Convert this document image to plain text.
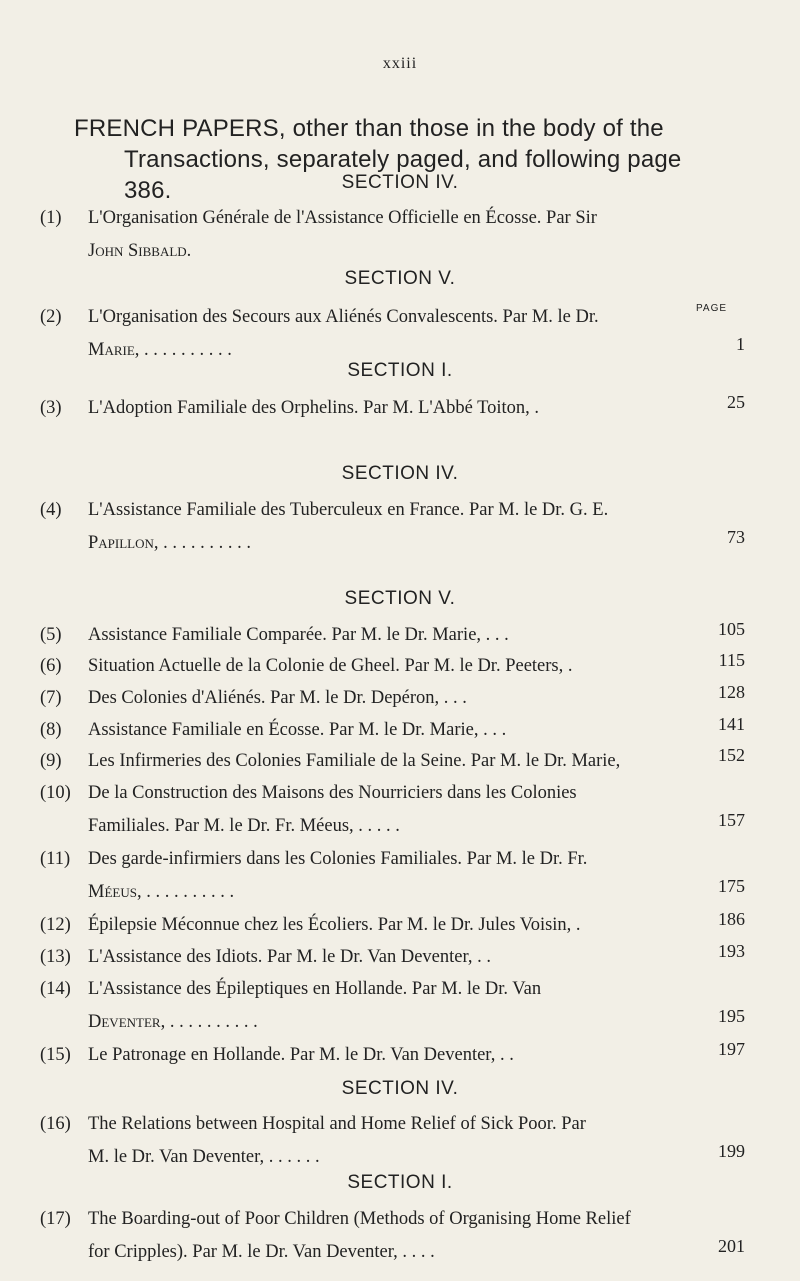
xxiii
FRENCH PAPERS, other than those in the body of the
Transactions, separately paged, and following page 386.	SECTION IV.
SECTION V.
PAGE
SECTION I.
SECTION IV.
SECTION V.
SECTION IV.
SECTION I.
(1) L'Organisation Générale de l'Assistance Officielle en Écosse. Par Sir
John Sibbald.
(2) L'Organisation des Secours aux Aliénés Convalescents. Par M. le Dr.
Marie, . . . . . . . . . .	1
(3) L'Adoption Familiale des Orphelins. Par M. L'Abbé Toiton, .	25
(4) L'Assistance Familiale des Tuberculeux en France. Par M. le Dr. G. E.
Papillon, . . . . . . . . . .	73
(5) Assistance Familiale Comparée. Par M. le Dr. Marie, . . .	105
(6) Situation Actuelle de la Colonie de Gheel. Par M. le Dr. Peeters, .	115
(7) Des Colonies d'Aliénés. Par M. le Dr. Depéron, . . .	128
(8) Assistance Familiale en Écosse. Par M. le Dr. Marie, . . .	141
(9) Les Infirmeries des Colonies Familiale de la Seine. Par M. le Dr. Marie,	152
(10) De la Construction des Maisons des Nourriciers dans les Colonies
Familiales. Par M. le Dr. Fr. Méeus, . . . . .	157
(11) Des garde-infirmiers dans les Colonies Familiales. Par M. le Dr. Fr.
Méeus, . . . . . . . . . .	175
(12) Épilepsie Méconnue chez les Écoliers. Par M. le Dr. Jules Voisin, .	186
(13) L'Assistance des Idiots. Par M. le Dr. Van Deventer, . .	193
(14) L'Assistance des Épileptiques en Hollande. Par M. le Dr. Van
Deventer, . . . . . . . . . .	195
(15) Le Patronage en Hollande. Par M. le Dr. Van Deventer, . .	197
(16) The Relations between Hospital and Home Relief of Sick Poor. Par
M. le Dr. Van Deventer, . . . . . .	199
(17) The Boarding-out of Poor Children (Methods of Organising Home Relief
for Cripples). Par M. le Dr. Van Deventer, . . . .	201
